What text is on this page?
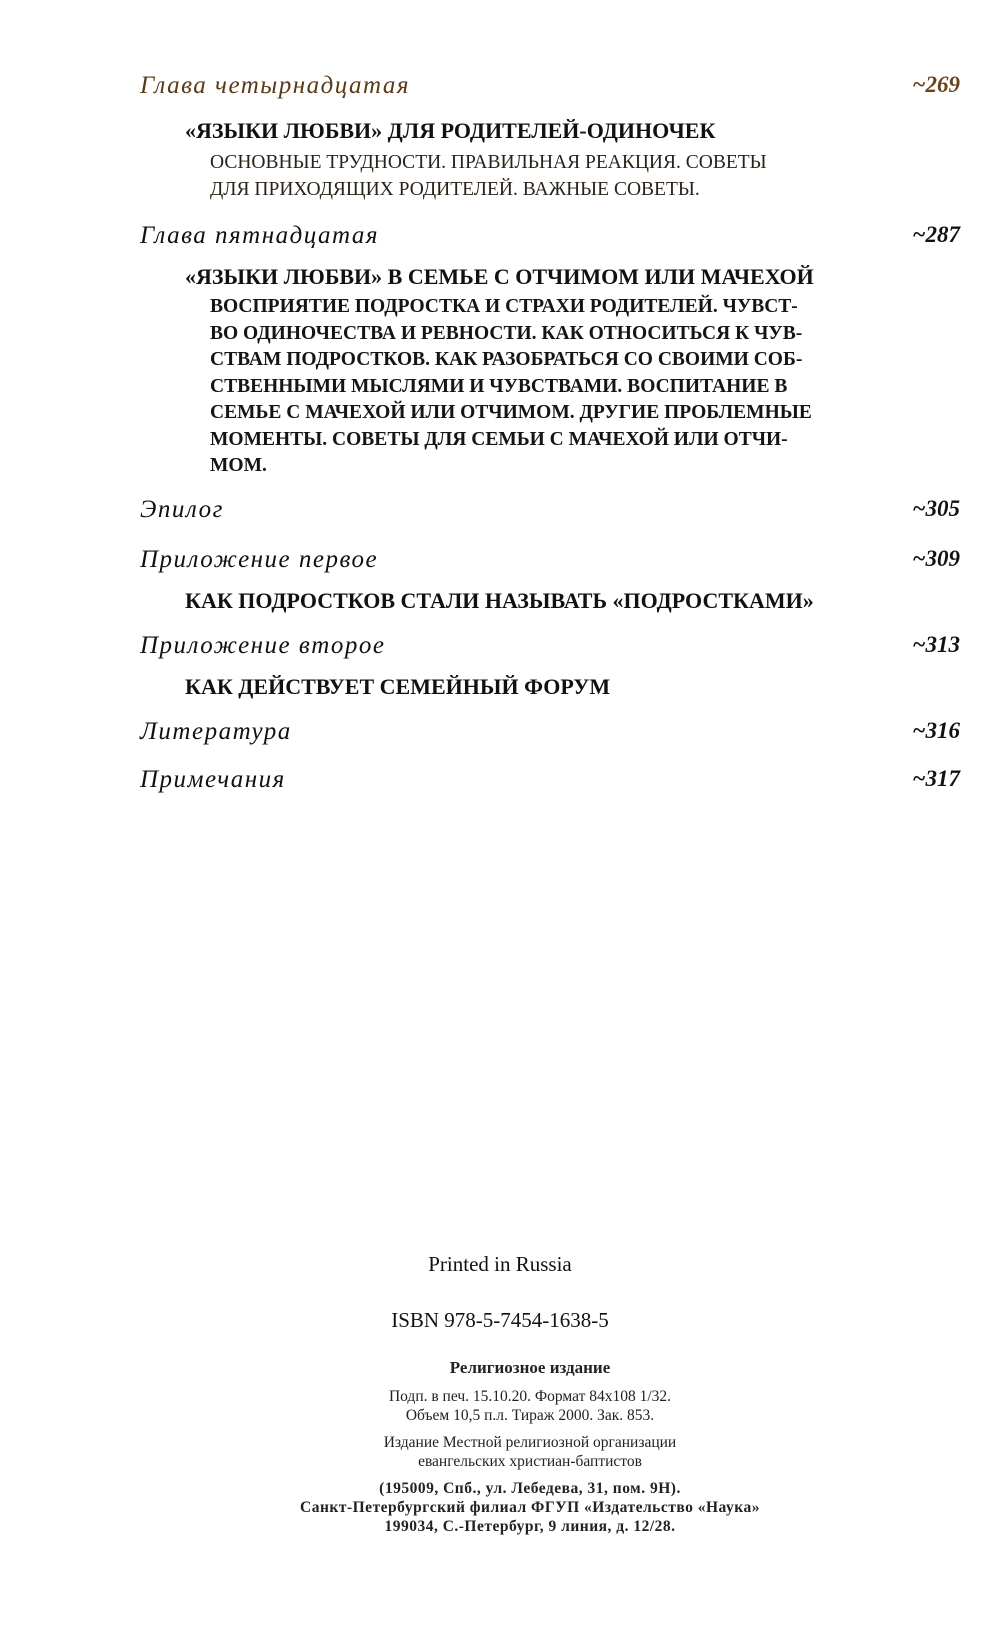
Глава четырнадцатая	~269
«ЯЗЫКИ ЛЮБВИ» ДЛЯ РОДИТЕЛЕЙ-ОДИНОЧЕК
ОСНОВНЫЕ ТРУДНОСТИ. ПРАВИЛЬНАЯ РЕАКЦИЯ. СОВЕТЫ
ДЛЯ ПРИХОДЯЩИХ РОДИТЕЛЕЙ. ВАЖНЫЕ СОВЕТЫ.
Глава пятнадцатая	~287
«ЯЗЫКИ ЛЮБВИ» В СЕМЬЕ С ОТЧИМОМ ИЛИ МАЧЕХОЙ
ВОСПРИЯТИЕ ПОДРОСТКА И СТРАХИ РОДИТЕЛЕЙ. ЧУВСТ-
ВО ОДИНОЧЕСТВА И РЕВНОСТИ. КАК ОТНОСИТЬСЯ К ЧУВ-
СТВАМ ПОДРОСТКОВ. КАК РАЗОБРАТЬСЯ СО СВОИМИ СОБ-
СТВЕННЫМИ МЫСЛЯМИ И ЧУВСТВАМИ. ВОСПИТАНИЕ В
СЕМЬЕ С МАЧЕХОЙ ИЛИ ОТЧИМОМ. ДРУГИЕ ПРОБЛЕМНЫЕ
МОМЕНТЫ. СОВЕТЫ ДЛЯ СЕМЬИ С МАЧЕХОЙ ИЛИ ОТЧИ-
МОМ.
Эпилог	~305
Приложение первое	~309
КАК ПОДРОСТКОВ СТАЛИ НАЗЫВАТЬ «ПОДРОСТКАМИ»
Приложение второе	~313
КАК ДЕЙСТВУЕТ СЕМЕЙНЫЙ ФОРУМ
Литература	~316
Примечания	~317
Printed in Russia
ISBN 978-5-7454-1638-5
Религиозное издание
Подп. в печ. 15.10.20. Формат 84x108 1/32.
Объем 10,5 п.л. Тираж 2000. Зак. 853.
Издание Местной религиозной организации
евангельских христиан-баптистов
(195009, Спб., ул. Лебедева, 31, пом. 9Н).
Санкт-Петербургский филиал ФГУП «Издательство «Наука»
199034, С.-Петербург, 9 линия, д. 12/28.
